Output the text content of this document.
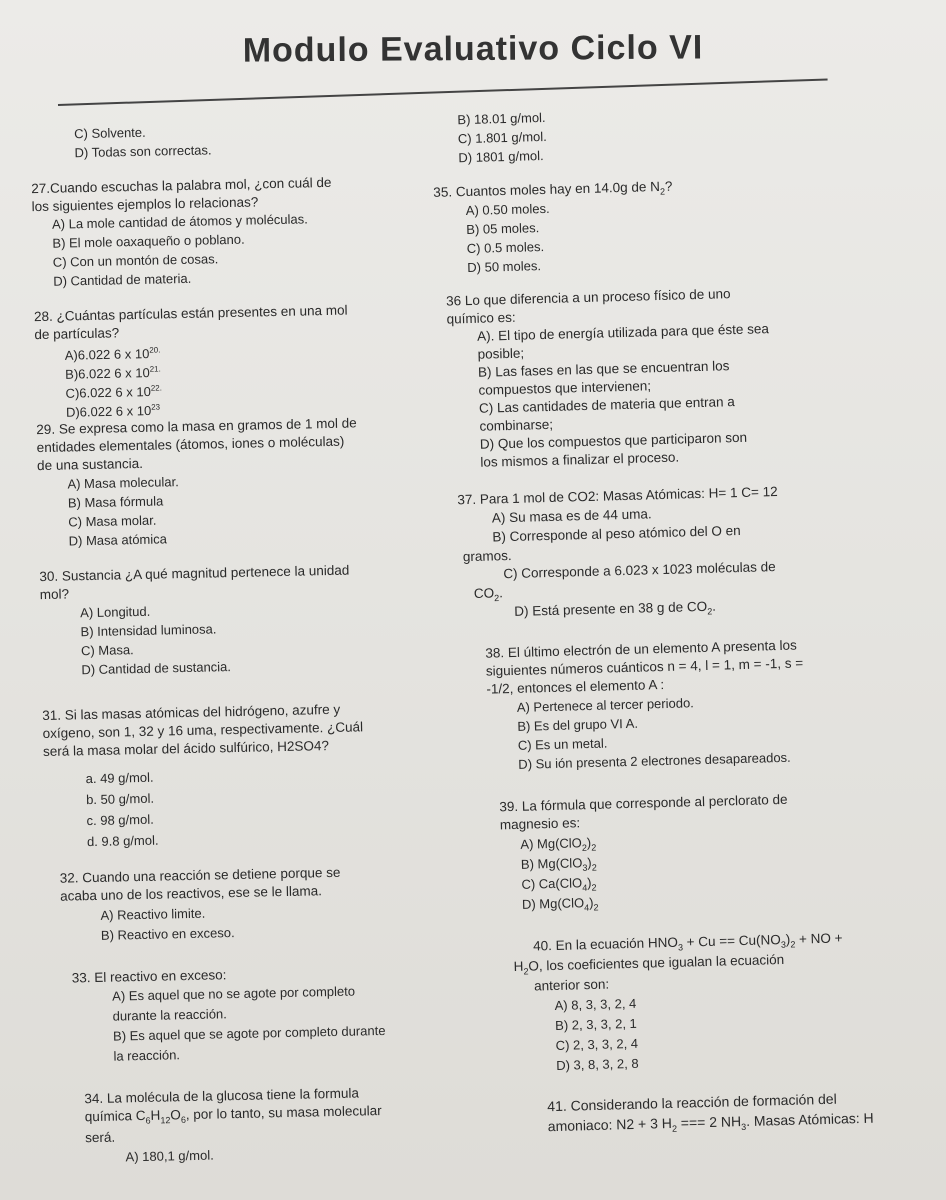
Modulo Evaluativo Ciclo VI
C) Solvente.
D) Todas son correctas.
27.Cuando escuchas la palabra mol, ¿con cuál de
los siguientes ejemplos lo relacionas?
A) La mole cantidad de átomos y moléculas.
B) El mole oaxaqueño o poblano.
C) Con un montón de cosas.
D) Cantidad de materia.
28. ¿Cuántas partículas están presentes en una mol
de partículas?
A)6.022 6 x $10^{20.}$
B)6.022 6 x $10^{21.}$
C)6.022 6 x $10^{22.}$
D)6.022 6 x $10^{23}$
29. Se expresa como la masa en gramos de 1 mol de
entidades elementales (átomos, iones o moléculas)
de una sustancia.
A) Masa molecular.
B) Masa fórmula
C) Masa molar.
D) Masa atómica
30. Sustancia ¿A qué magnitud pertenece la unidad
mol?
A) Longitud.
B) Intensidad luminosa.
C) Masa.
D) Cantidad de sustancia.
31. Si las masas atómicas del hidrógeno, azufre y
oxígeno, son 1, 32 y 16 uma, respectivamente. ¿Cuál
será la masa molar del ácido sulfúrico, H2SO4?
a. 49 g/mol.
b. 50 g/mol.
c. 98 g/mol.
d. 9.8 g/mol.
32. Cuando una reacción se detiene porque se
acaba uno de los reactivos, ese se le llama.
A) Reactivo limite.
B) Reactivo en exceso.
33. El reactivo en exceso:
A) Es aquel que no se agote por completo
durante la reacción.
B) Es aquel que se agote por completo durante
la reacción.
34. La molécula de la glucosa tiene la formula
química $C_6H_{12}O_6$, por lo tanto, su masa molecular
será.
A) 180,1 g/mol.
B) 18.01 g/mol.
C) 1.801 g/mol.
D) 1801 g/mol.
35. Cuantos moles hay en 14.0g de $N_2$?
A) 0.50 moles.
B) 05 moles.
C) 0.5 moles.
D) 50 moles.
36 Lo que diferencia a un proceso físico de uno
químico es:
A). El tipo de energía utilizada para que éste sea
posible;
B) Las fases en las que se encuentran los
compuestos que intervienen;
C) Las cantidades de materia que entran a
combinarse;
D) Que los compuestos que participaron son
los mismos a finalizar el proceso.
37. Para 1 mol de CO2: Masas Atómicas: H= 1 C= 12
A) Su masa es de 44 uma.
B) Corresponde al peso atómico del O en
gramos.
C) Corresponde a 6.023 x 1023 moléculas de
$CO_2$.
D) Está presente en 38 g de $CO_2$.
38. El último electrón de un elemento A presenta los
siguientes números cuánticos n = 4, l = 1, m = -1, s =
-1/2, entonces el elemento A :
A) Pertenece al tercer periodo.
B) Es del grupo VI A.
C) Es un metal.
D) Su ión presenta 2 electrones desapareados.
39. La fórmula que corresponde al perclorato de
magnesio es:
A) $Mg(ClO_2)_2$
B) $Mg(ClO_3)_2$
C) $Ca(ClO_4)_2$
D) $Mg(ClO_4)_2$
40. En la ecuación $HNO_3 + Cu == Cu(NO_3)_2$ + NO +
$H_2O$, los coeficientes que igualan la ecuación
anterior son:
A) 8, 3, 3, 2, 4
B) 2, 3, 3, 2, 1
C) 2, 3, 3, 2, 4
D) 3, 8, 3, 2, 8
41. Considerando la reacción de formación del
amoniaco: N2 + 3 $H_2$ === 2 $NH_3$. Masas Atómicas: H
